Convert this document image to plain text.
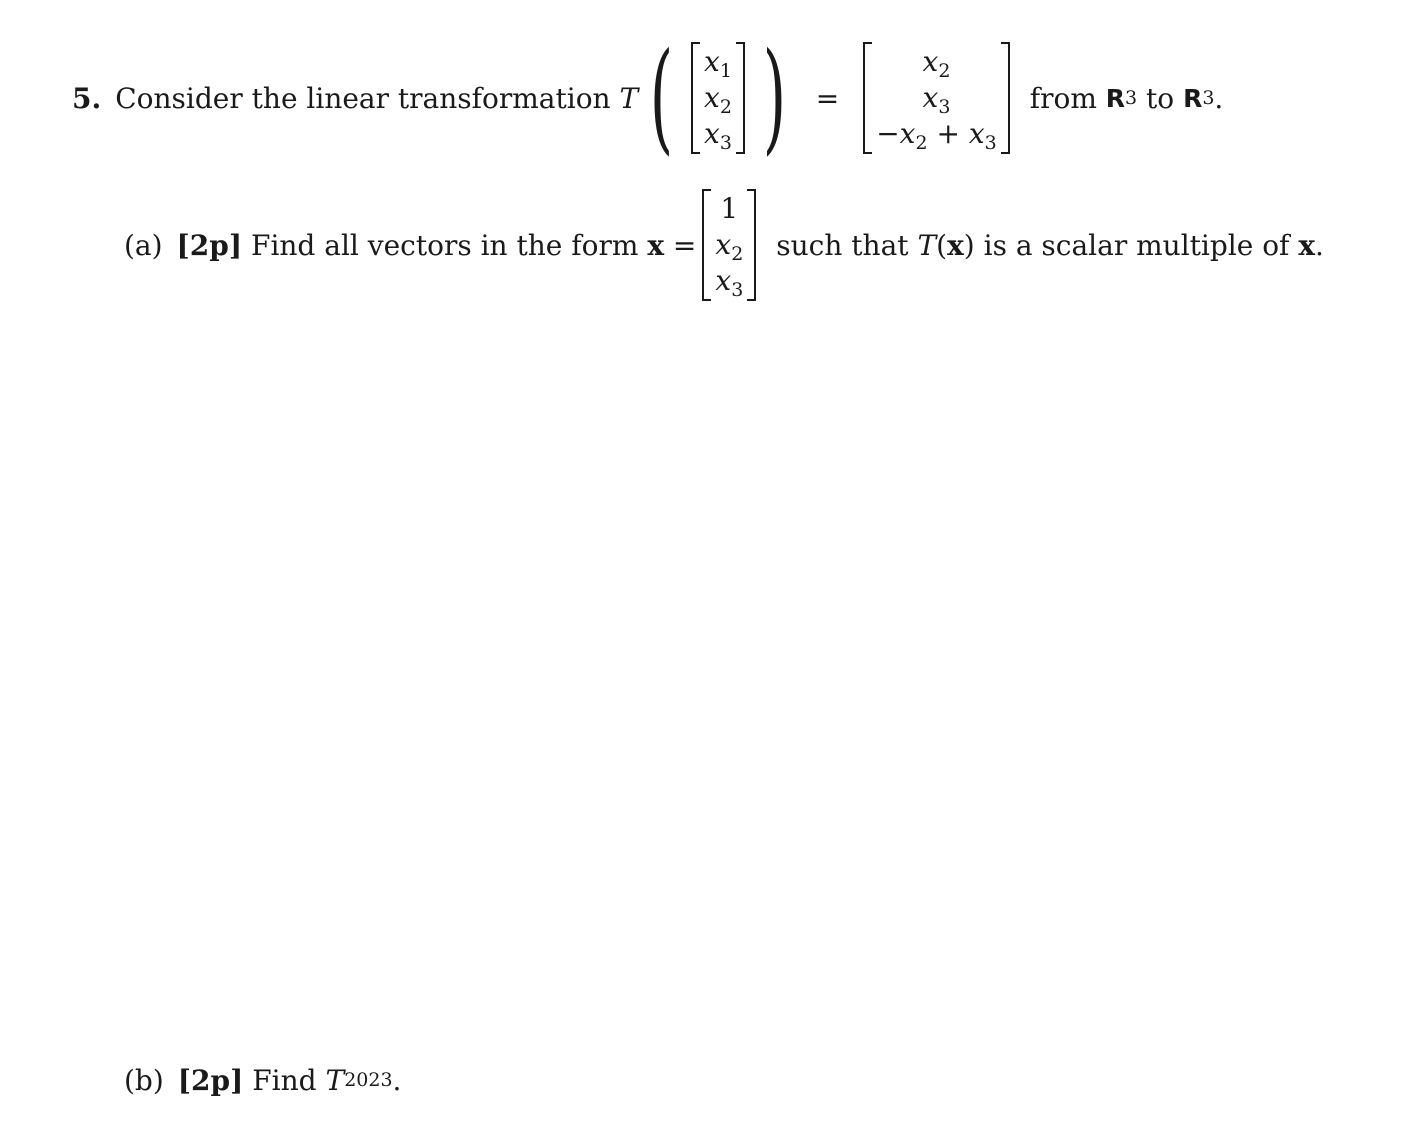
5. Consider the linear transformation
T ( $x_1$
$x_2$
$x_3$ ) =
$x_2$
$x_3$
$-x_2 + x_3$
from
R 3
to
R 3 .
(a) [2p]
Find all vectors in the form
x
=
1
$x_2$
$x_3$
such that
T ( x )
is a scalar multiple of
x .
(b) [2p]
Find
T 2023 .
